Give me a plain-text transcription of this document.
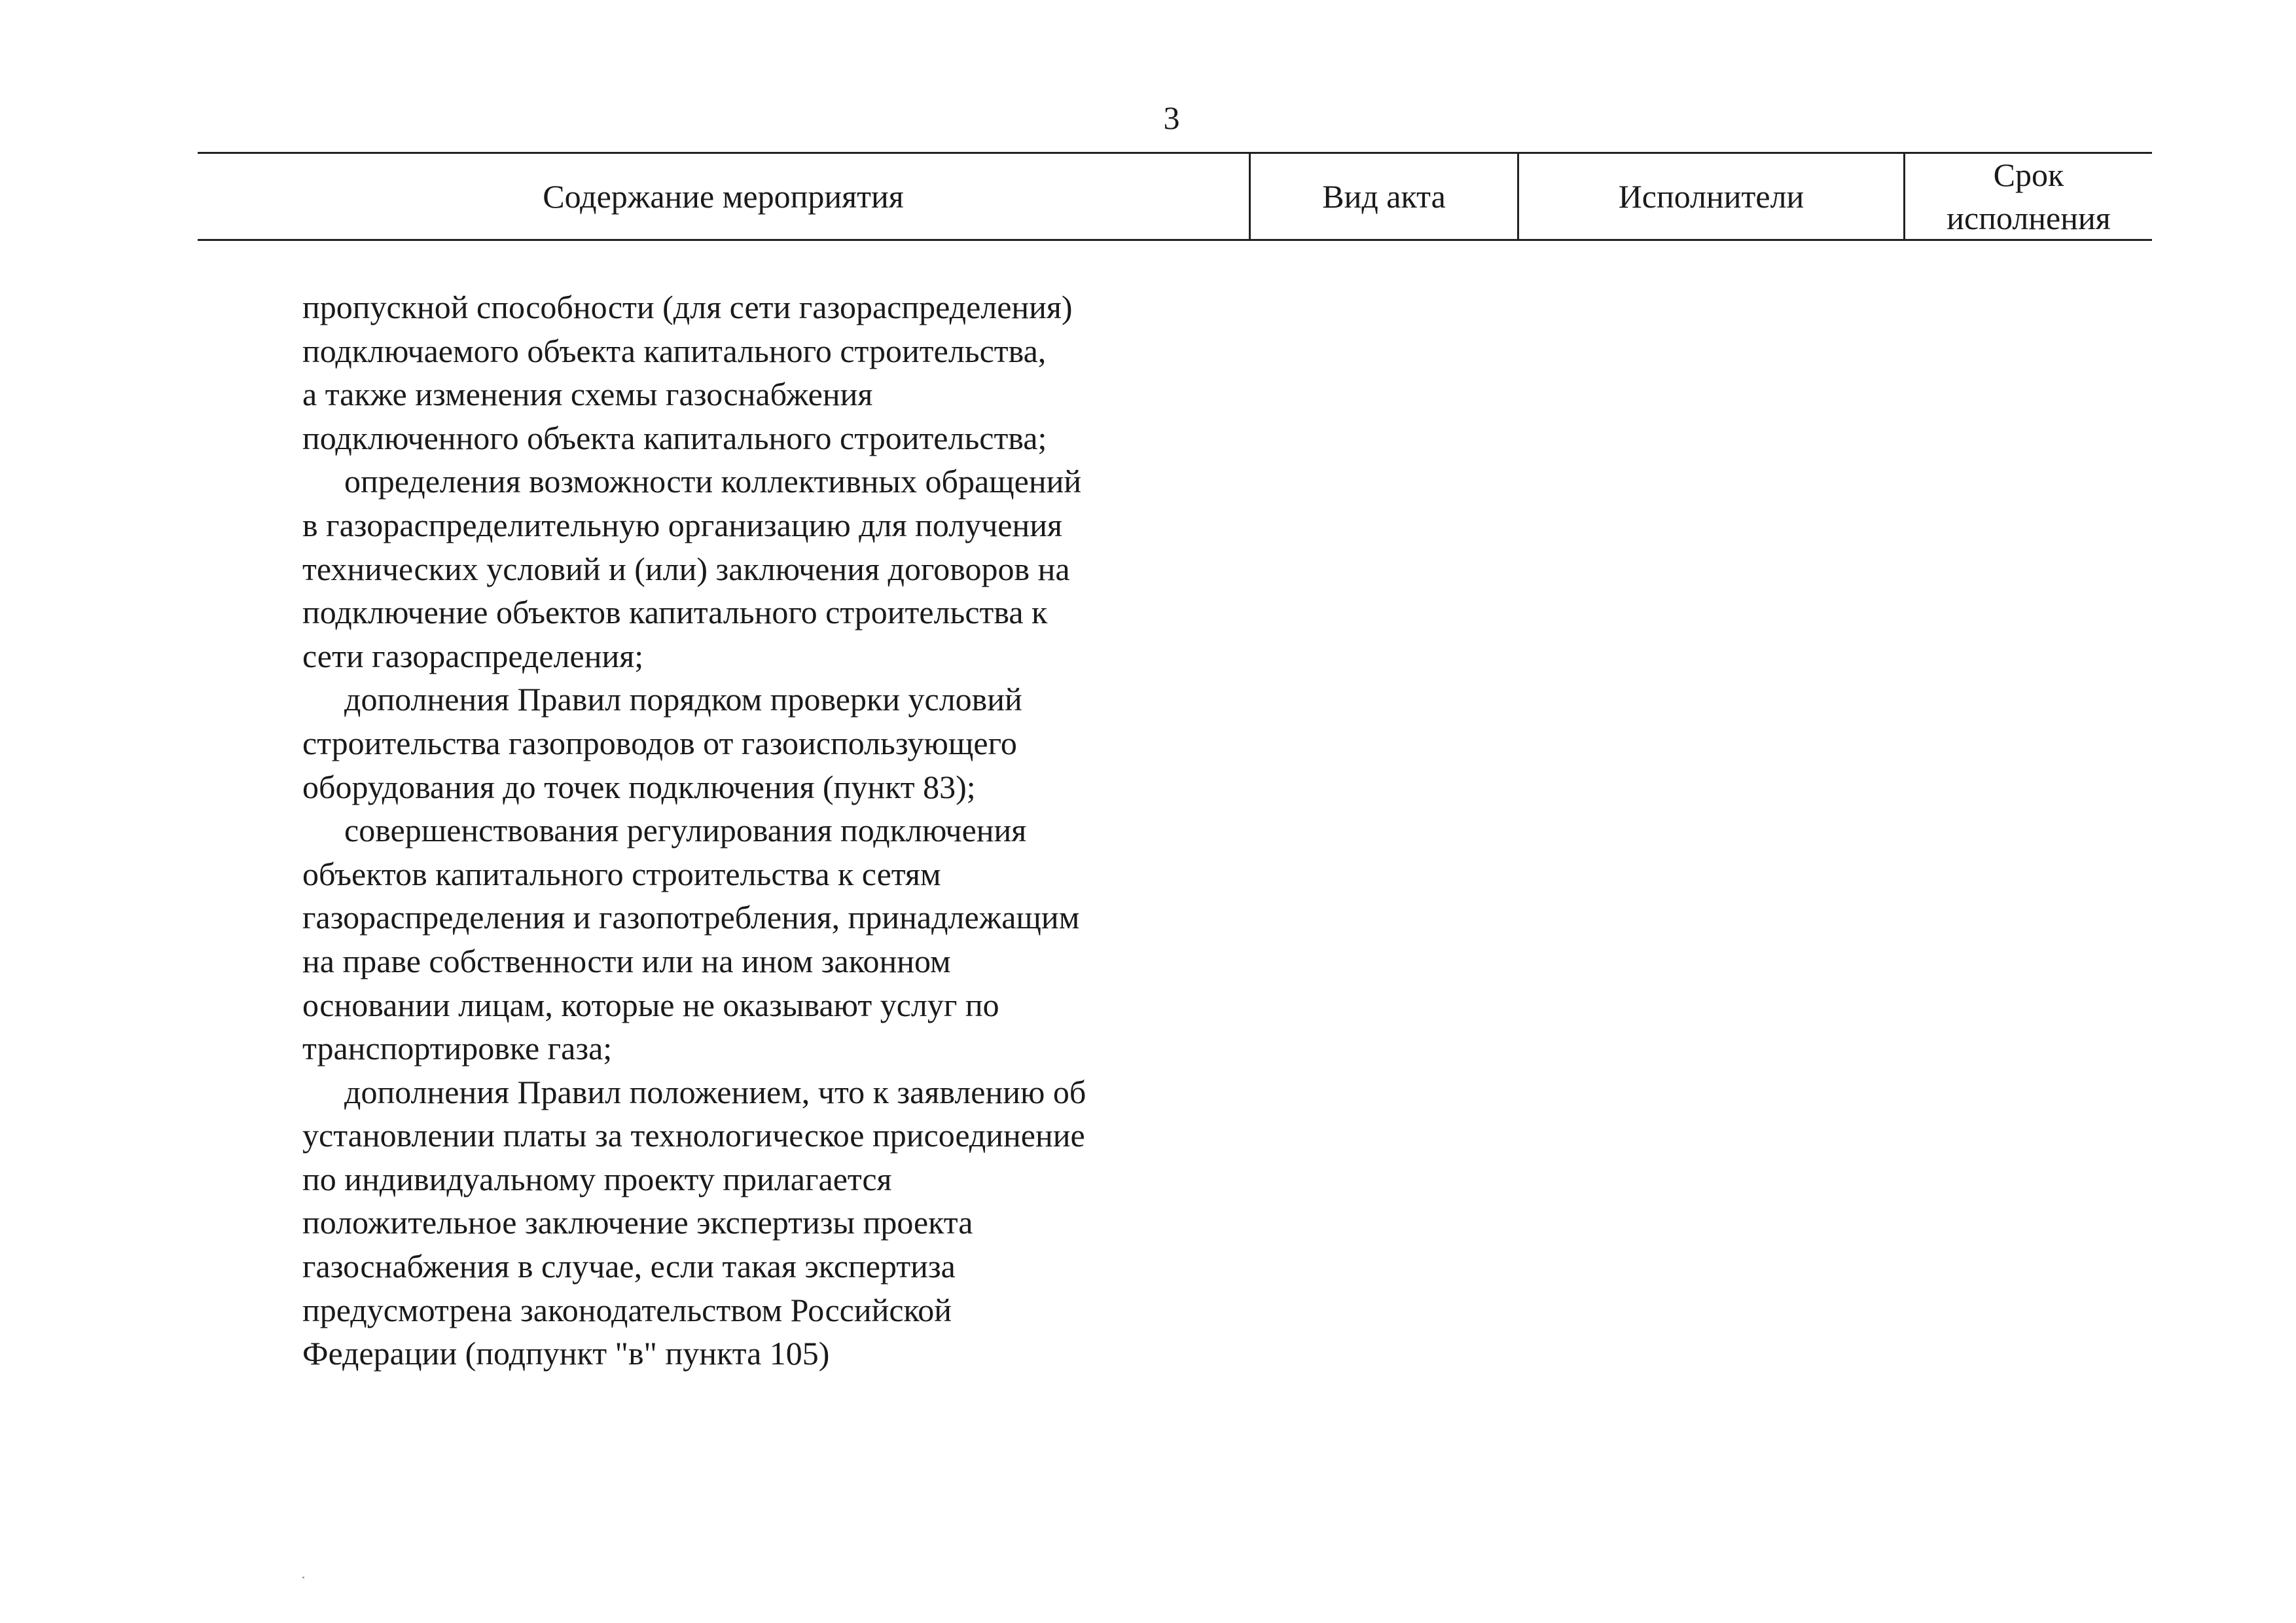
3
Содержание мероприятия	Вид акта	Исполнители
Срок
исполнения
пропускной способности (для сети газораспределения)
подключаемого объекта капитального строительства,
а также изменения схемы газоснабжения
подключенного объекта капитального строительства;
определения возможности коллективных обращений
в газораспределительную организацию для получения
технических условий и (или) заключения договоров на
подключение объектов капитального строительства к
сети газораспределения;
дополнения Правил порядком проверки условий
строительства газопроводов от газоиспользующего
оборудования до точек подключения (пункт 83);
совершенствования регулирования подключения
объектов капитального строительства к сетям
газораспределения и газопотребления, принадлежащим
на праве собственности или на ином законном
основании лицам, которые не оказывают услуг по
транспортировке газа;
дополнения Правил положением, что к заявлению об
установлении платы за технологическое присоединение
по индивидуальному проекту прилагается
положительное заключение экспертизы проекта
газоснабжения в случае, если такая экспертиза
предусмотрена законодательством Российской
Федерации (подпункт "в" пункта 105)
